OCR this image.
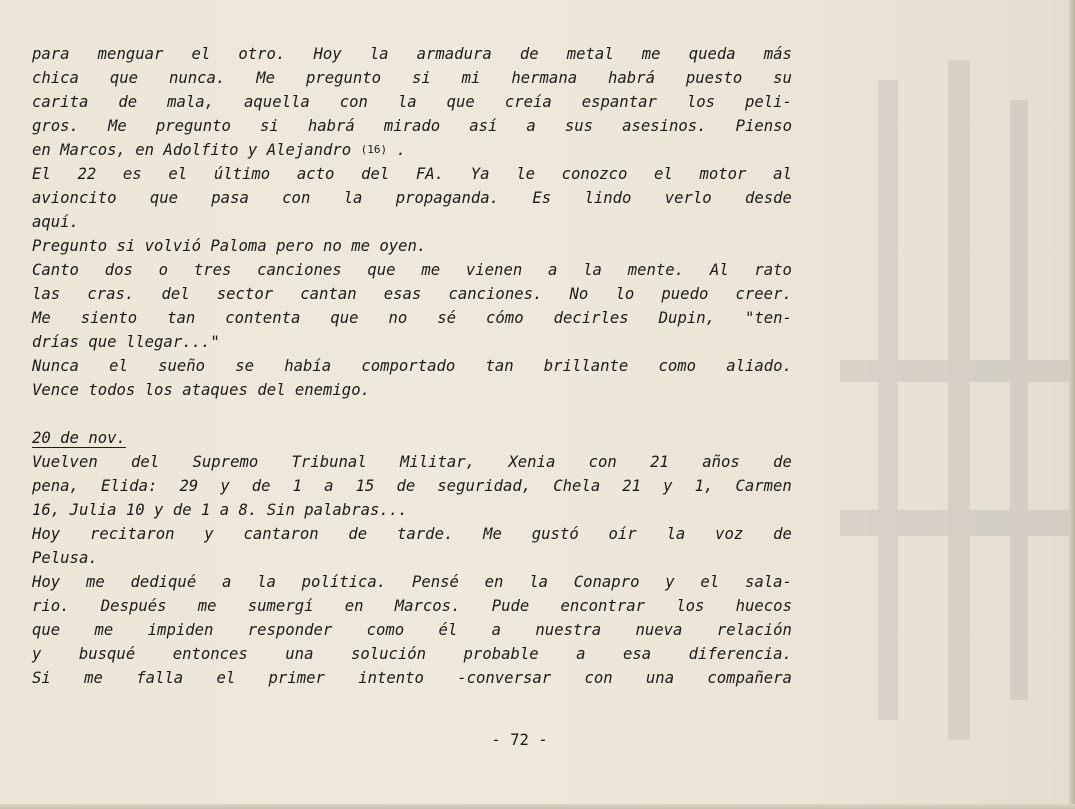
para menguar el otro. Hoy la armadura de metal me queda más
chica que nunca. Me pregunto si mi hermana habrá puesto su
carita de mala, aquella con la que creía espantar los peli-
gros. Me pregunto si habrá mirado así a sus asesinos. Pienso
en Marcos, en Adolfito y Alejandro (16) .
El 22 es el último acto del FA. Ya le conozco el motor al
avioncito que pasa con la propaganda. Es lindo verlo desde
aquí.
Pregunto si volvió Paloma pero no me oyen.
Canto dos o tres canciones que me vienen a la mente. Al rato
las cras. del sector cantan esas canciones. No lo puedo creer.
Me siento tan contenta que no sé cómo decirles Dupin, "ten-
drías que llegar..."
Nunca el sueño se había comportado tan brillante como aliado.
Vence todos los ataques del enemigo.
20 de nov.
Vuelven del Supremo Tribunal Militar, Xenia con 21 años de
pena, Elida: 29 y de 1 a 15 de seguridad, Chela 21 y 1, Carmen
16, Julia 10 y de 1 a 8. Sin palabras...
Hoy recitaron y cantaron de tarde. Me gustó oír la voz de
Pelusa.
Hoy me dediqué a la política. Pensé en la Conapro y el sala-
rio. Después me sumergí en Marcos. Pude encontrar los huecos
que me impiden responder como él a nuestra nueva relación
y busqué entonces una solución probable a esa diferencia.
Si me falla el primer intento -conversar con una compañera
- 72 -
